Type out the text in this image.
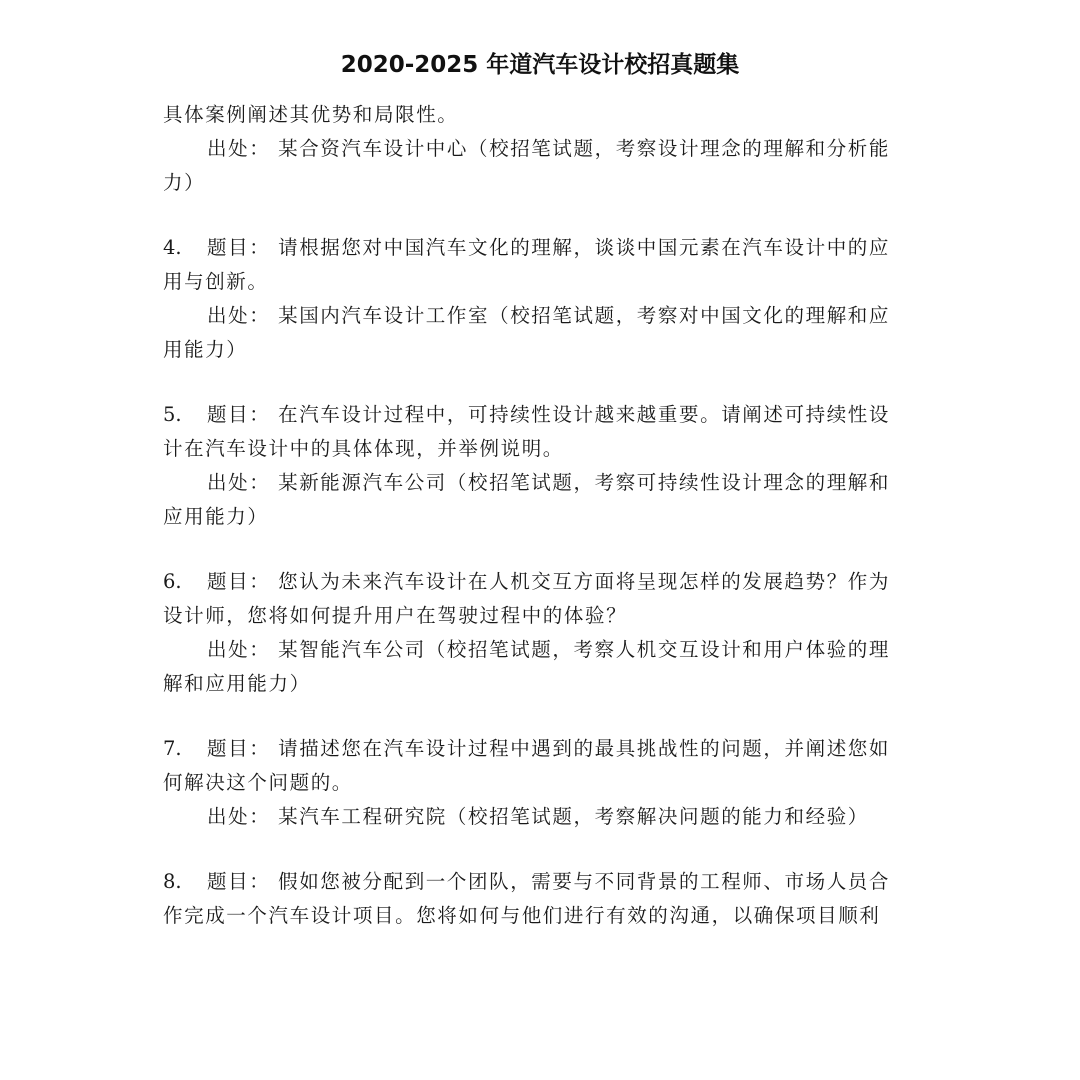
2020-2025 年道汽车设计校招真题集
具体案例阐述其优势和局限性。
出处： 某合资汽车设计中心（校招笔试题，考察设计理念的理解和分析能
力）
4. 题目： 请根据您对中国汽车文化的理解，谈谈中国元素在汽车设计中的应
用与创新。
出处： 某国内汽车设计工作室（校招笔试题，考察对中国文化的理解和应
用能力）
5. 题目： 在汽车设计过程中，可持续性设计越来越重要。请阐述可持续性设
计在汽车设计中的具体体现，并举例说明。
出处： 某新能源汽车公司（校招笔试题，考察可持续性设计理念的理解和
应用能力）
6. 题目： 您认为未来汽车设计在人机交互方面将呈现怎样的发展趋势？作为
设计师，您将如何提升用户在驾驶过程中的体验？
出处： 某智能汽车公司（校招笔试题，考察人机交互设计和用户体验的理
解和应用能力）
7. 题目： 请描述您在汽车设计过程中遇到的最具挑战性的问题，并阐述您如
何解决这个问题的。
出处： 某汽车工程研究院（校招笔试题，考察解决问题的能力和经验）
8. 题目： 假如您被分配到一个团队，需要与不同背景的工程师、市场人员合
作完成一个汽车设计项目。您将如何与他们进行有效的沟通，以确保项目顺利
